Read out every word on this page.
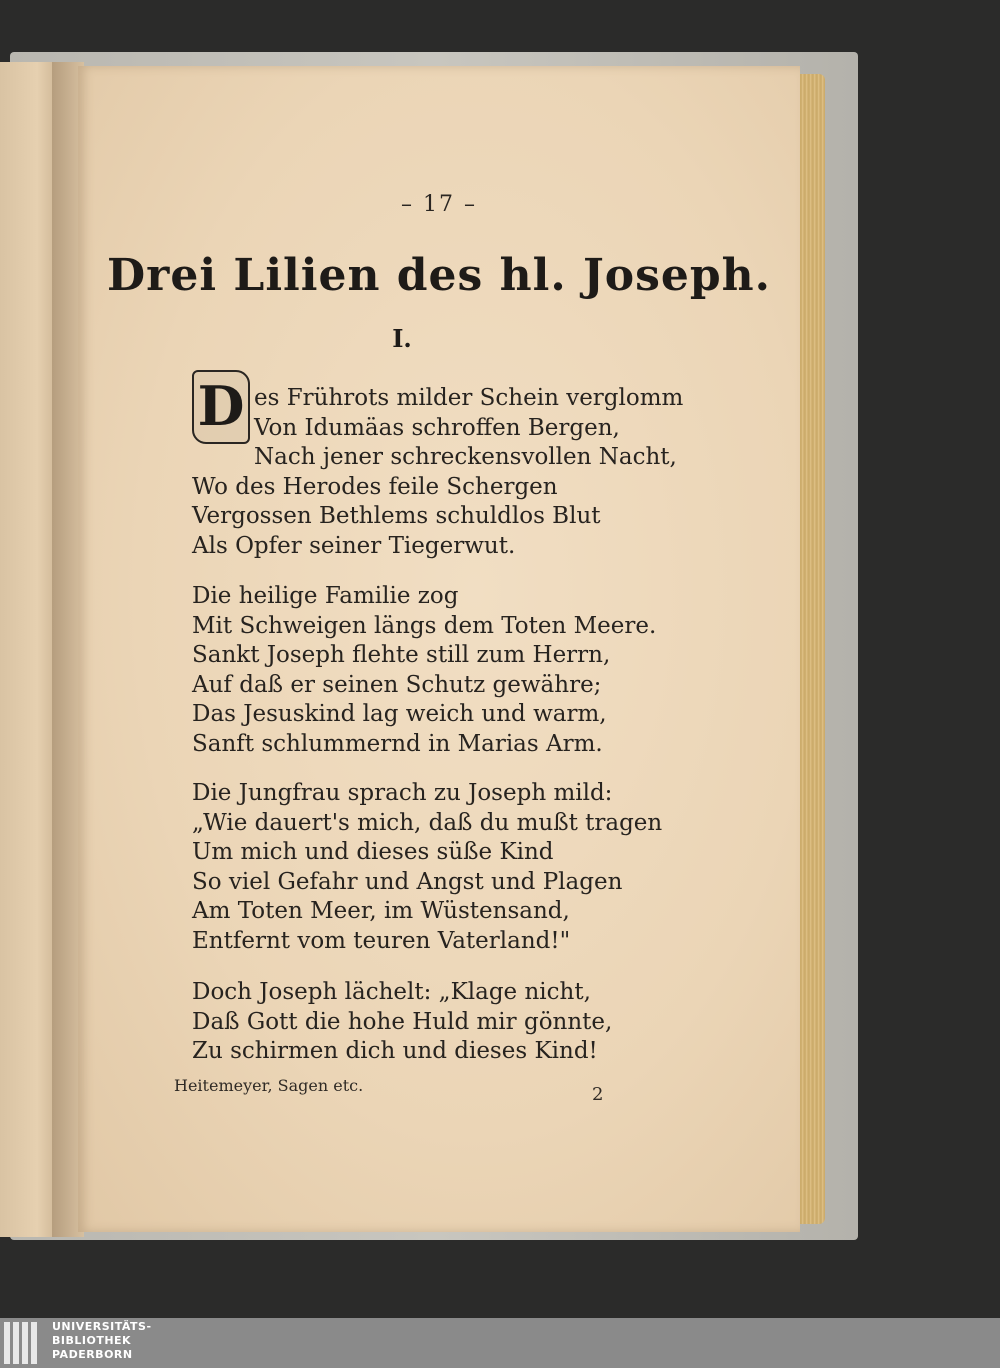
– 17 –
Drei Lilien des hl. Joseph.
I.
D es Frührots milder Schein verglomm
Von Idumäas schroffen Bergen,
Nach jener schreckensvollen Nacht,
Wo des Herodes feile Schergen
Vergossen Bethlems schuldlos Blut
Als Opfer seiner Tiegerwut.
Die heilige Familie zog
Mit Schweigen längs dem Toten Meere.
Sankt Joseph flehte still zum Herrn,
Auf daß er seinen Schutz gewähre;
Das Jesuskind lag weich und warm,
Sanft schlummernd in Marias Arm.
Die Jungfrau sprach zu Joseph mild:
„Wie dauert's mich, daß du mußt tragen
Um mich und dieses süße Kind
So viel Gefahr und Angst und Plagen
Am Toten Meer, im Wüstensand,
Entfernt vom teuren Vaterland!"
Doch Joseph lächelt: „Klage nicht,
Daß Gott die hohe Huld mir gönnte,
Zu schirmen dich und dieses Kind!
Heitemeyer, Sagen etc.	2
UNIVERSITÄTS-
BIBLIOTHEK
PADERBORN
